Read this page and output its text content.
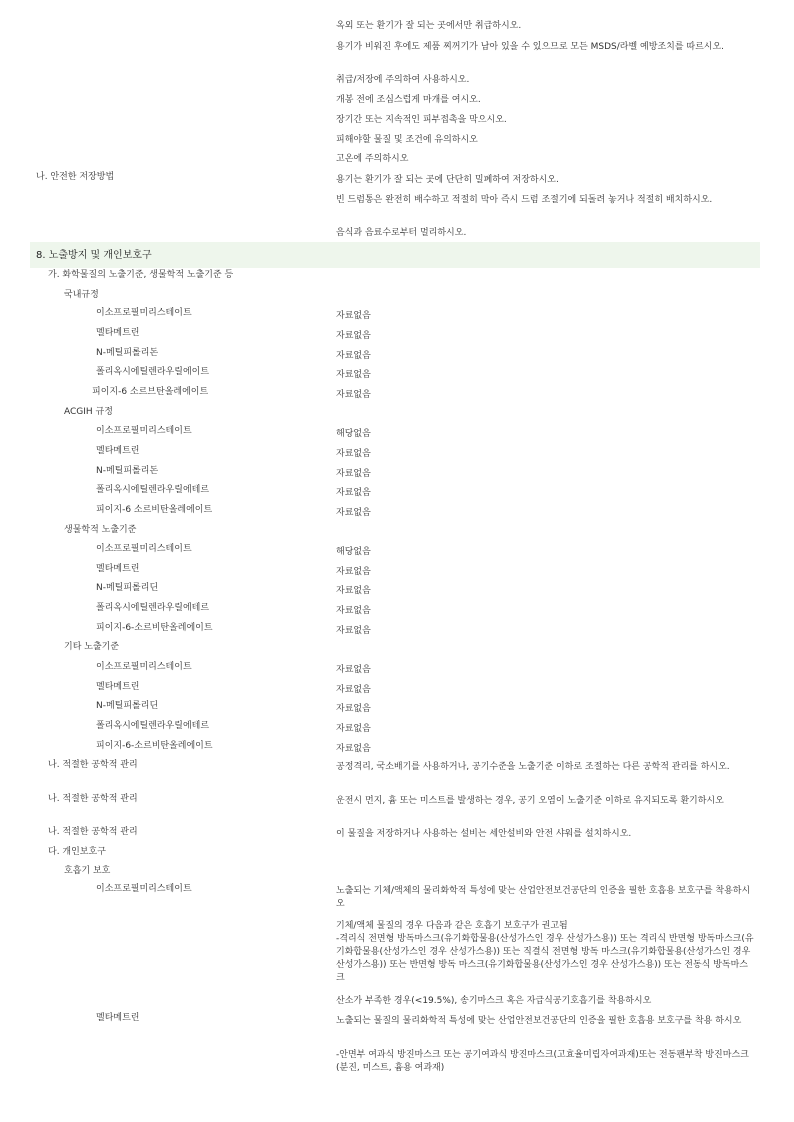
옥외 또는 환기가 잘 되는 곳에서만 취급하시오.
용기가 비워진 후에도 제품 찌꺼기가 남아 있을 수 있으므로 모든 MSDS/라벨 예방조치를 따르시오.
취급/저장에 주의하여 사용하시오.
개봉 전에 조심스럽게 마개를 여시오.
장기간 또는 지속적인 피부접촉을 막으시오.
피해야할 물질 및 조건에 유의하시오
고온에 주의하시오
나. 안전한 저장방법	용기는 환기가 잘 되는 곳에 단단히 밀폐하여 저장하시오.
빈 드럼통은 완전히 배수하고 적절히 막아 즉시 드럼 조절기에 되돌려 놓거나 적절히 배치하시오.
음식과 음료수로부터 멀리하시오.
8. 노출방지 및 개인보호구
가. 화학물질의 노출기준, 생물학적 노출기준 등
국내규정
이소프로필미리스테이트	자료없음
멜타메트린	자료없음
N-메틸피롤리돈	자료없음
폴리옥시에틸렌라우릴에이트	자료없음
피이지-6 소르브탄올레에이트	자료없음
ACGIH 규정
이소프로필미리스테이트	해당없음
멜타메트린	자료없음
N-메틸피롤리돈	자료없음
폴리옥시에틸렌라우릴에테르	자료없음
피이지-6 소르비탄올레에이트	자료없음
생물학적 노출기준
이소프로필미리스테이트	해당없음
멜타메트린	자료없음
N-메틸피롤리딘	자료없음
폴리옥시에틸렌라우릴에테르	자료없음
피이지-6-소르비탄올레에이트	자료없음
기타 노출기준
이소프로필미리스테이트	자료없음
멜타메트린	자료없음
N-메틸피롤리딘	자료없음
폴리옥시에틸렌라우릴에테르	자료없음
피이지-6-소르비탄올레에이트	자료없음
나. 적절한 공학적 관리	공정격리, 국소배기를 사용하거나, 공기수준을 노출기준 이하로 조절하는 다른 공학적 관리를 하시오.
나. 적절한 공학적 관리	운전시 먼지, 흄 또는 미스트를 발생하는 경우, 공기 오염이 노출기준 이하로 유지되도록 환기하시오
나. 적절한 공학적 관리	이 물질을 저장하거나 사용하는 설비는 세안설비와 안전 샤워를 설치하시오.
다. 개인보호구
호흡기 보호
이소프로필미리스테이트	노출되는 기체/액체의 물리화학적 특성에 맞는 산업안전보건공단의 인증을 필한 호흡용 보호구를 착용하시오
기체/액체 물질의 경우 다음과 같은 호흡기 보호구가 권고됨
-격리식 전면형 방독마스크(유기화합물용(산성가스인 경우 산성가스용)) 또는 격리식 반면형 방독마스크(유기화합물용(산성가스인 경우 산성가스용)) 또는 직결식 전면형 방독 마스크(유기화합물용(산성가스인 경우 산성가스용)) 또는 반면형 방독 마스크(유기화합물용(산성가스인 경우 산성가스용)) 또는 전동식 방독마스크
산소가 부족한 경우(<19.5%), 송기마스크 혹은 자급식공기호흡기를 착용하시오
멜타메트린	노출되는 물질의 물리화학적 특성에 맞는 산업안전보건공단의 인증을 필한 호흡용 보호구를 착용 하시오
-안면부 여과식 방진마스크 또는 공기여과식 방진마스크(고효율미립자여과재)또는 전동팬부착 방진마스크(분진, 미스트, 흄용 여과재)
